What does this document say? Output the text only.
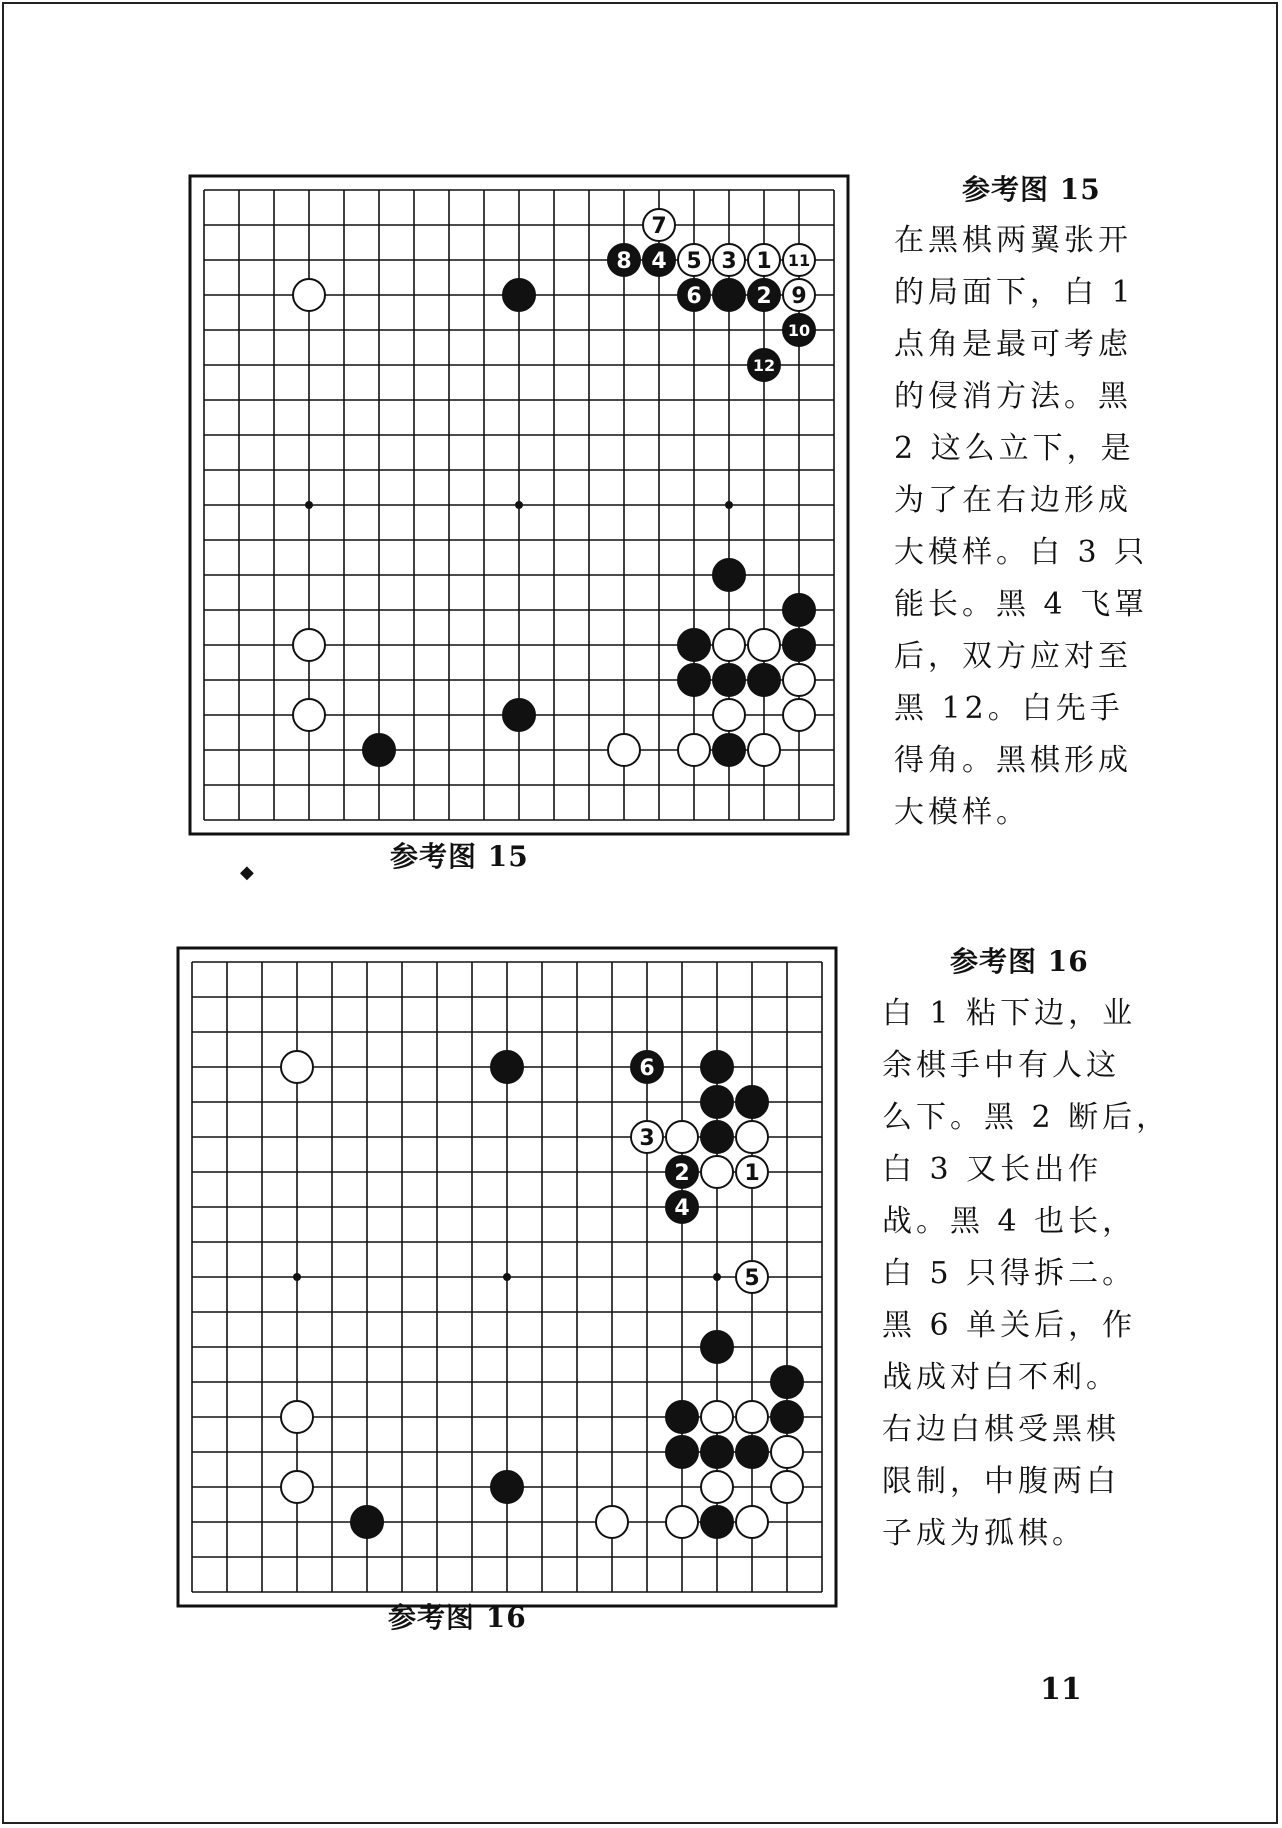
7
8 4 5 3 1 11
6 2 9
10
12
参考图 15
参考图 15
在黑棋两翼张开
的局面下，白 1
点角是最可考虑
的侵消方法。黑
2 这么立下，是
为了在右边形成
大模样。白 3 只
能长。黑 4 飞罩
后，双方应对至
黑 12。白先手
得角。黑棋形成
大模样。
6
3
2 1
4
5
参考图 16
参考图 16
白 1 粘下边，业
余棋手中有人这
么下。黑 2 断后，
白 3 又长出作
战。黑 4 也长，
白 5 只得拆二。
黑 6 单关后，作
战成对白不利。
右边白棋受黑棋
限制，中腹两白
子成为孤棋。
11
◆
